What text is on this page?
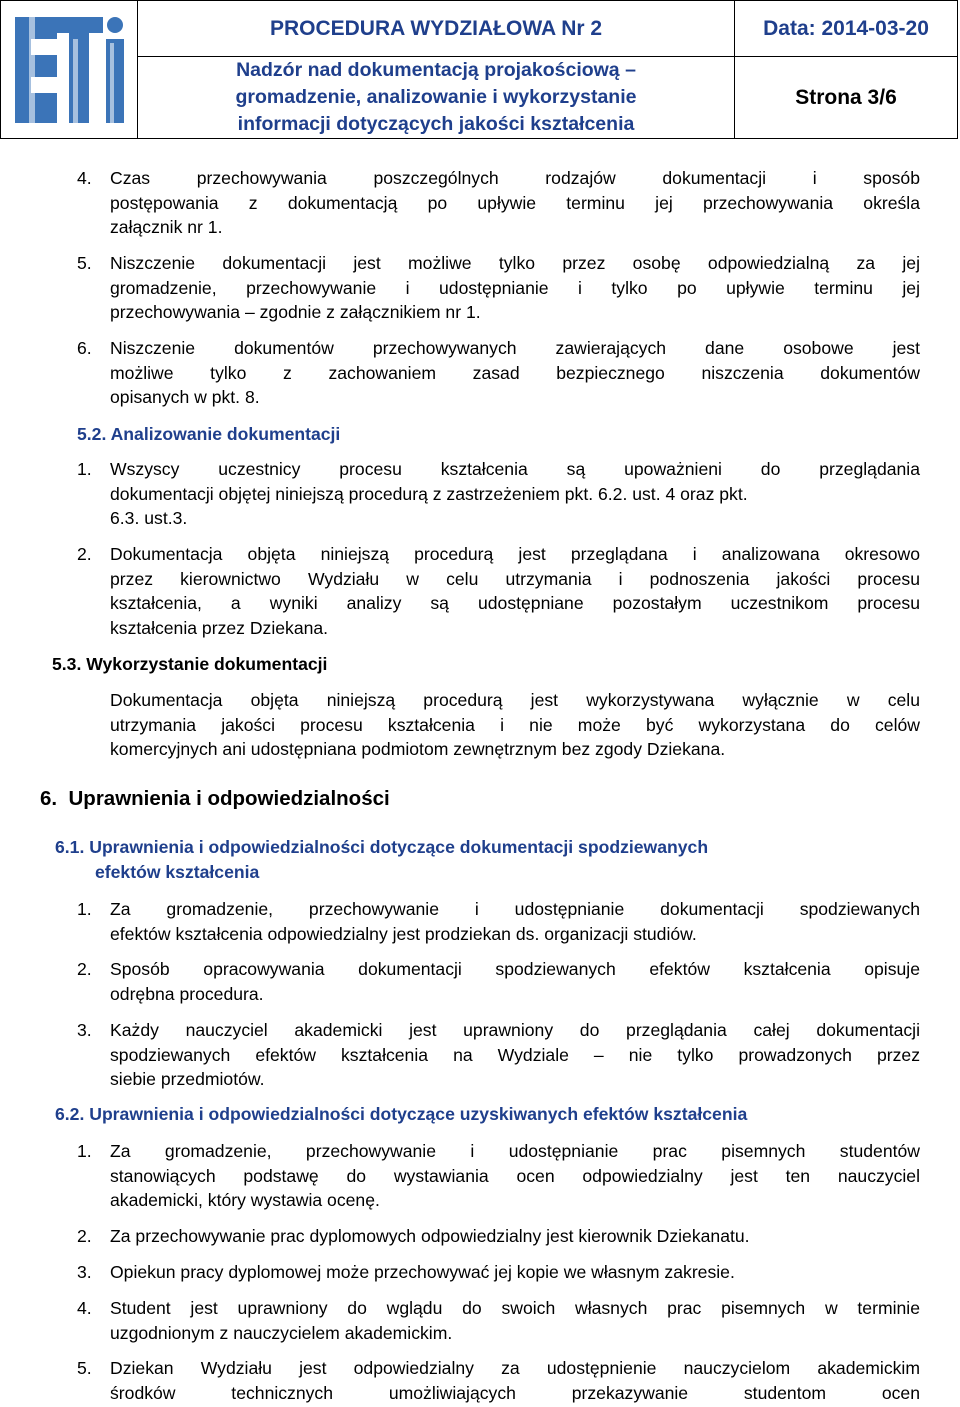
	PROCEDURA WYDZIAŁOWA Nr 2	Data: 2014-03-20

	Nadzór nad dokumentacją projakościową –
gromadzenie, analizowanie i wykorzystanie
informacji dotyczących jakości kształcenia	Strona 3/6
4. Czas przechowywania poszczególnych rodzajów dokumentacji i sposób
postępowania z dokumentacją po upływie terminu jej przechowywania określa
załącznik nr 1.
5. Niszczenie dokumentacji jest możliwe tylko przez osobę odpowiedzialną za jej
gromadzenie, przechowywanie i udostępnianie i tylko po upływie terminu jej
przechowywania – zgodnie z załącznikiem nr 1.
6. Niszczenie dokumentów przechowywanych zawierających dane osobowe jest
możliwe tylko z zachowaniem zasad bezpiecznego niszczenia dokumentów
opisanych w pkt. 8.
5.2. Analizowanie dokumentacji
1. Wszyscy uczestnicy procesu kształcenia są upoważnieni do przeglądania
dokumentacji objętej niniejszą procedurą z zastrzeżeniem pkt. 6.2. ust. 4 oraz pkt.
6.3. ust.3.
2. Dokumentacja objęta niniejszą procedurą jest przeglądana i analizowana okresowo
przez kierownictwo Wydziału w celu utrzymania i podnoszenia jakości procesu
kształcenia, a wyniki analizy są udostępniane pozostałym uczestnikom procesu
kształcenia przez Dziekana.
5.3. Wykorzystanie dokumentacji
Dokumentacja objęta niniejszą procedurą jest wykorzystywana wyłącznie w celu
utrzymania jakości procesu kształcenia i nie może być wykorzystana do celów
komercyjnych ani udostępniana podmiotom zewnętrznym bez zgody Dziekana.
6.  Uprawnienia i odpowiedzialności
6.1. Uprawnienia i odpowiedzialności dotyczące dokumentacji spodziewanych
efektów kształcenia
1. Za gromadzenie, przechowywanie i udostępnianie dokumentacji spodziewanych
efektów kształcenia odpowiedzialny jest prodziekan ds. organizacji studiów.
2. Sposób opracowywania dokumentacji spodziewanych efektów kształcenia opisuje
odrębna procedura.
3. Każdy nauczyciel akademicki jest uprawniony do przeglądania całej dokumentacji
spodziewanych efektów kształcenia na Wydziale – nie tylko prowadzonych przez
siebie przedmiotów.
6.2. Uprawnienia i odpowiedzialności dotyczące uzyskiwanych efektów kształcenia
1. Za gromadzenie, przechowywanie i udostępnianie prac pisemnych studentów
stanowiących podstawę do wystawiania ocen odpowiedzialny jest ten nauczyciel
akademicki, który wystawia ocenę.
2. Za przechowywanie prac dyplomowych odpowiedzialny jest kierownik Dziekanatu.
3. Opiekun pracy dyplomowej może przechowywać jej kopie we własnym zakresie.
4. Student jest uprawniony do wglądu do swoich własnych prac pisemnych w terminie
uzgodnionym z nauczycielem akademickim.
5. Dziekan Wydziału jest odpowiedzialny za udostępnienie nauczycielom akademickim
środków technicznych umożliwiających przekazywanie studentom ocen
